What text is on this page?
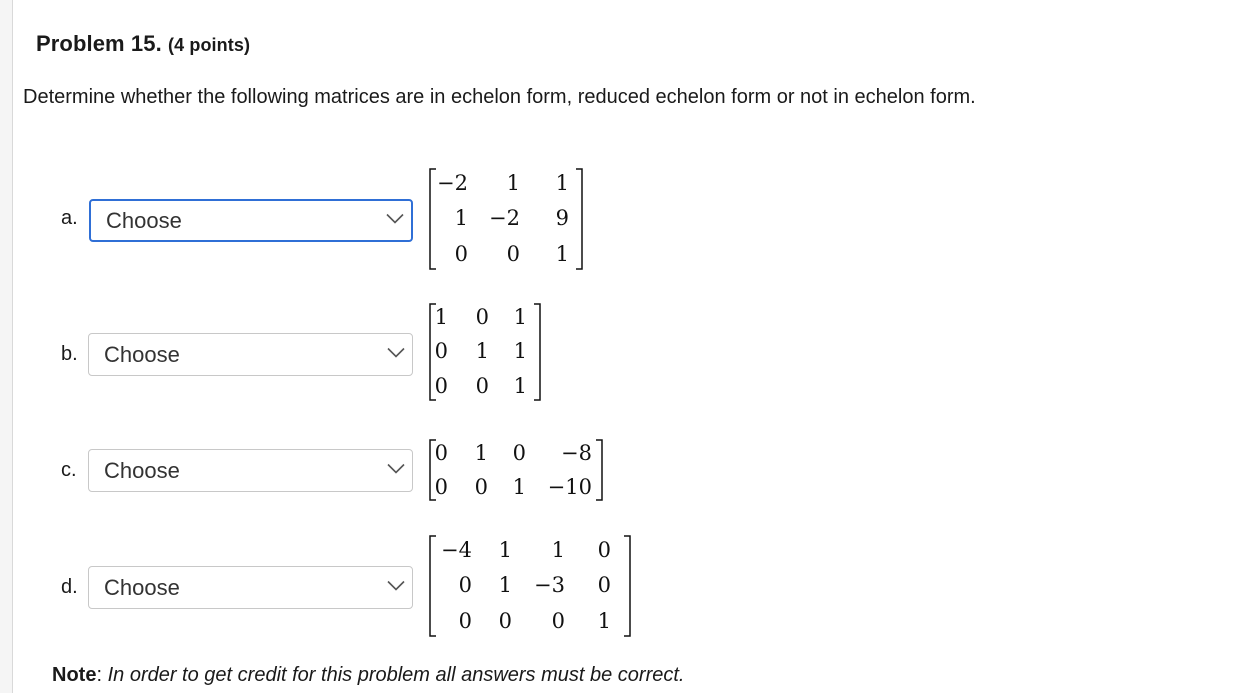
Problem 15. (4 points)
Determine whether the following matrices are in echelon form, reduced echelon form or not in echelon form.
a. Choose
−2 1 1
1 −2 9
0 0 1
b. Choose
1 0 1
0 1 1
0 0 1
c. Choose
0 1 0 −8
0 0 1 −10
d. Choose
−4 1 1 0
0 1 −3 0
0 0 0 1
Note: In order to get credit for this problem all answers must be correct.
